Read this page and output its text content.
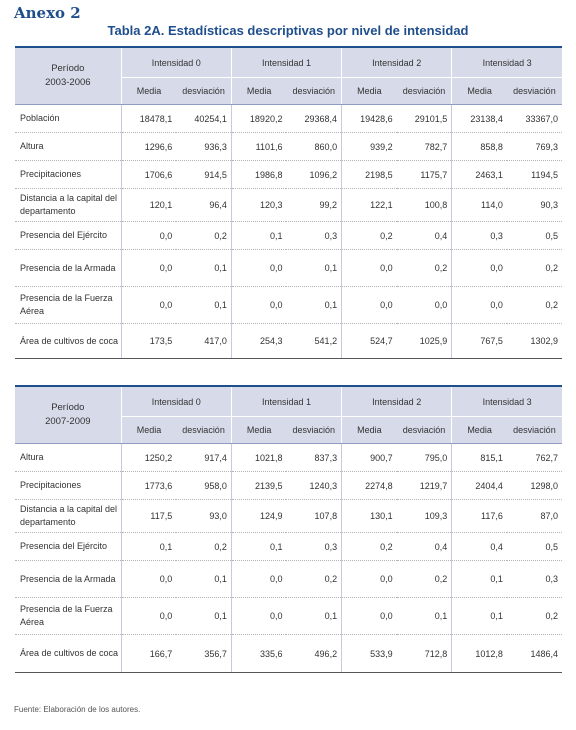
Anexo 2
Tabla 2A. Estadísticas descriptivas por nivel de intensidad
Período
2003-2006	Intensidad 0		Intensidad 1		Intensidad 2		Intensidad 3	
	Media	desviación	Media	desviación	Media	desviación	Media	desviación
Población	18478,1	40254,1	18920,2	29368,4	19428,6	29101,5	23138,4	33367,0
Altura	1296,6	936,3	1101,6	860,0	939,2	782,7	858,8	769,3
Precipitaciones	1706,6	914,5	1986,8	1096,2	2198,5	1175,7	2463,1	1194,5
Distancia a la capital del departamento	120,1	96,4	120,3	99,2	122,1	100,8	114,0	90,3
Presencia del Ejército	0,0	0,2	0,1	0,3	0,2	0,4	0,3	0,5
Presencia de la Armada	0,0	0,1	0,0	0,1	0,0	0,2	0,0	0,2
Presencia de la Fuerza Aérea	0,0	0,1	0,0	0,1	0,0	0,0	0,0	0,2
Área de cultivos de coca	173,5	417,0	254,3	541,2	524,7	1025,9	767,5	1302,9
Período
2007-2009	Intensidad 0		Intensidad 1		Intensidad 2		Intensidad 3	
	Media	desviación	Media	desviación	Media	desviación	Media	desviación
Altura	1250,2	917,4	1021,8	837,3	900,7	795,0	815,1	762,7
Precipitaciones	1773,6	958,0	2139,5	1240,3	2274,8	1219,7	2404,4	1298,0
Distancia a la capital del departamento	117,5	93,0	124,9	107,8	130,1	109,3	117,6	87,0
Presencia del Ejército	0,1	0,2	0,1	0,3	0,2	0,4	0,4	0,5
Presencia de la Armada	0,0	0,1	0,0	0,2	0,0	0,2	0,1	0,3
Presencia de la Fuerza Aérea	0,0	0,1	0,0	0,1	0,0	0,1	0,1	0,2
Área de cultivos de coca	166,7	356,7	335,6	496,2	533,9	712,8	1012,8	1486,4
Fuente: Elaboración de los autores.
